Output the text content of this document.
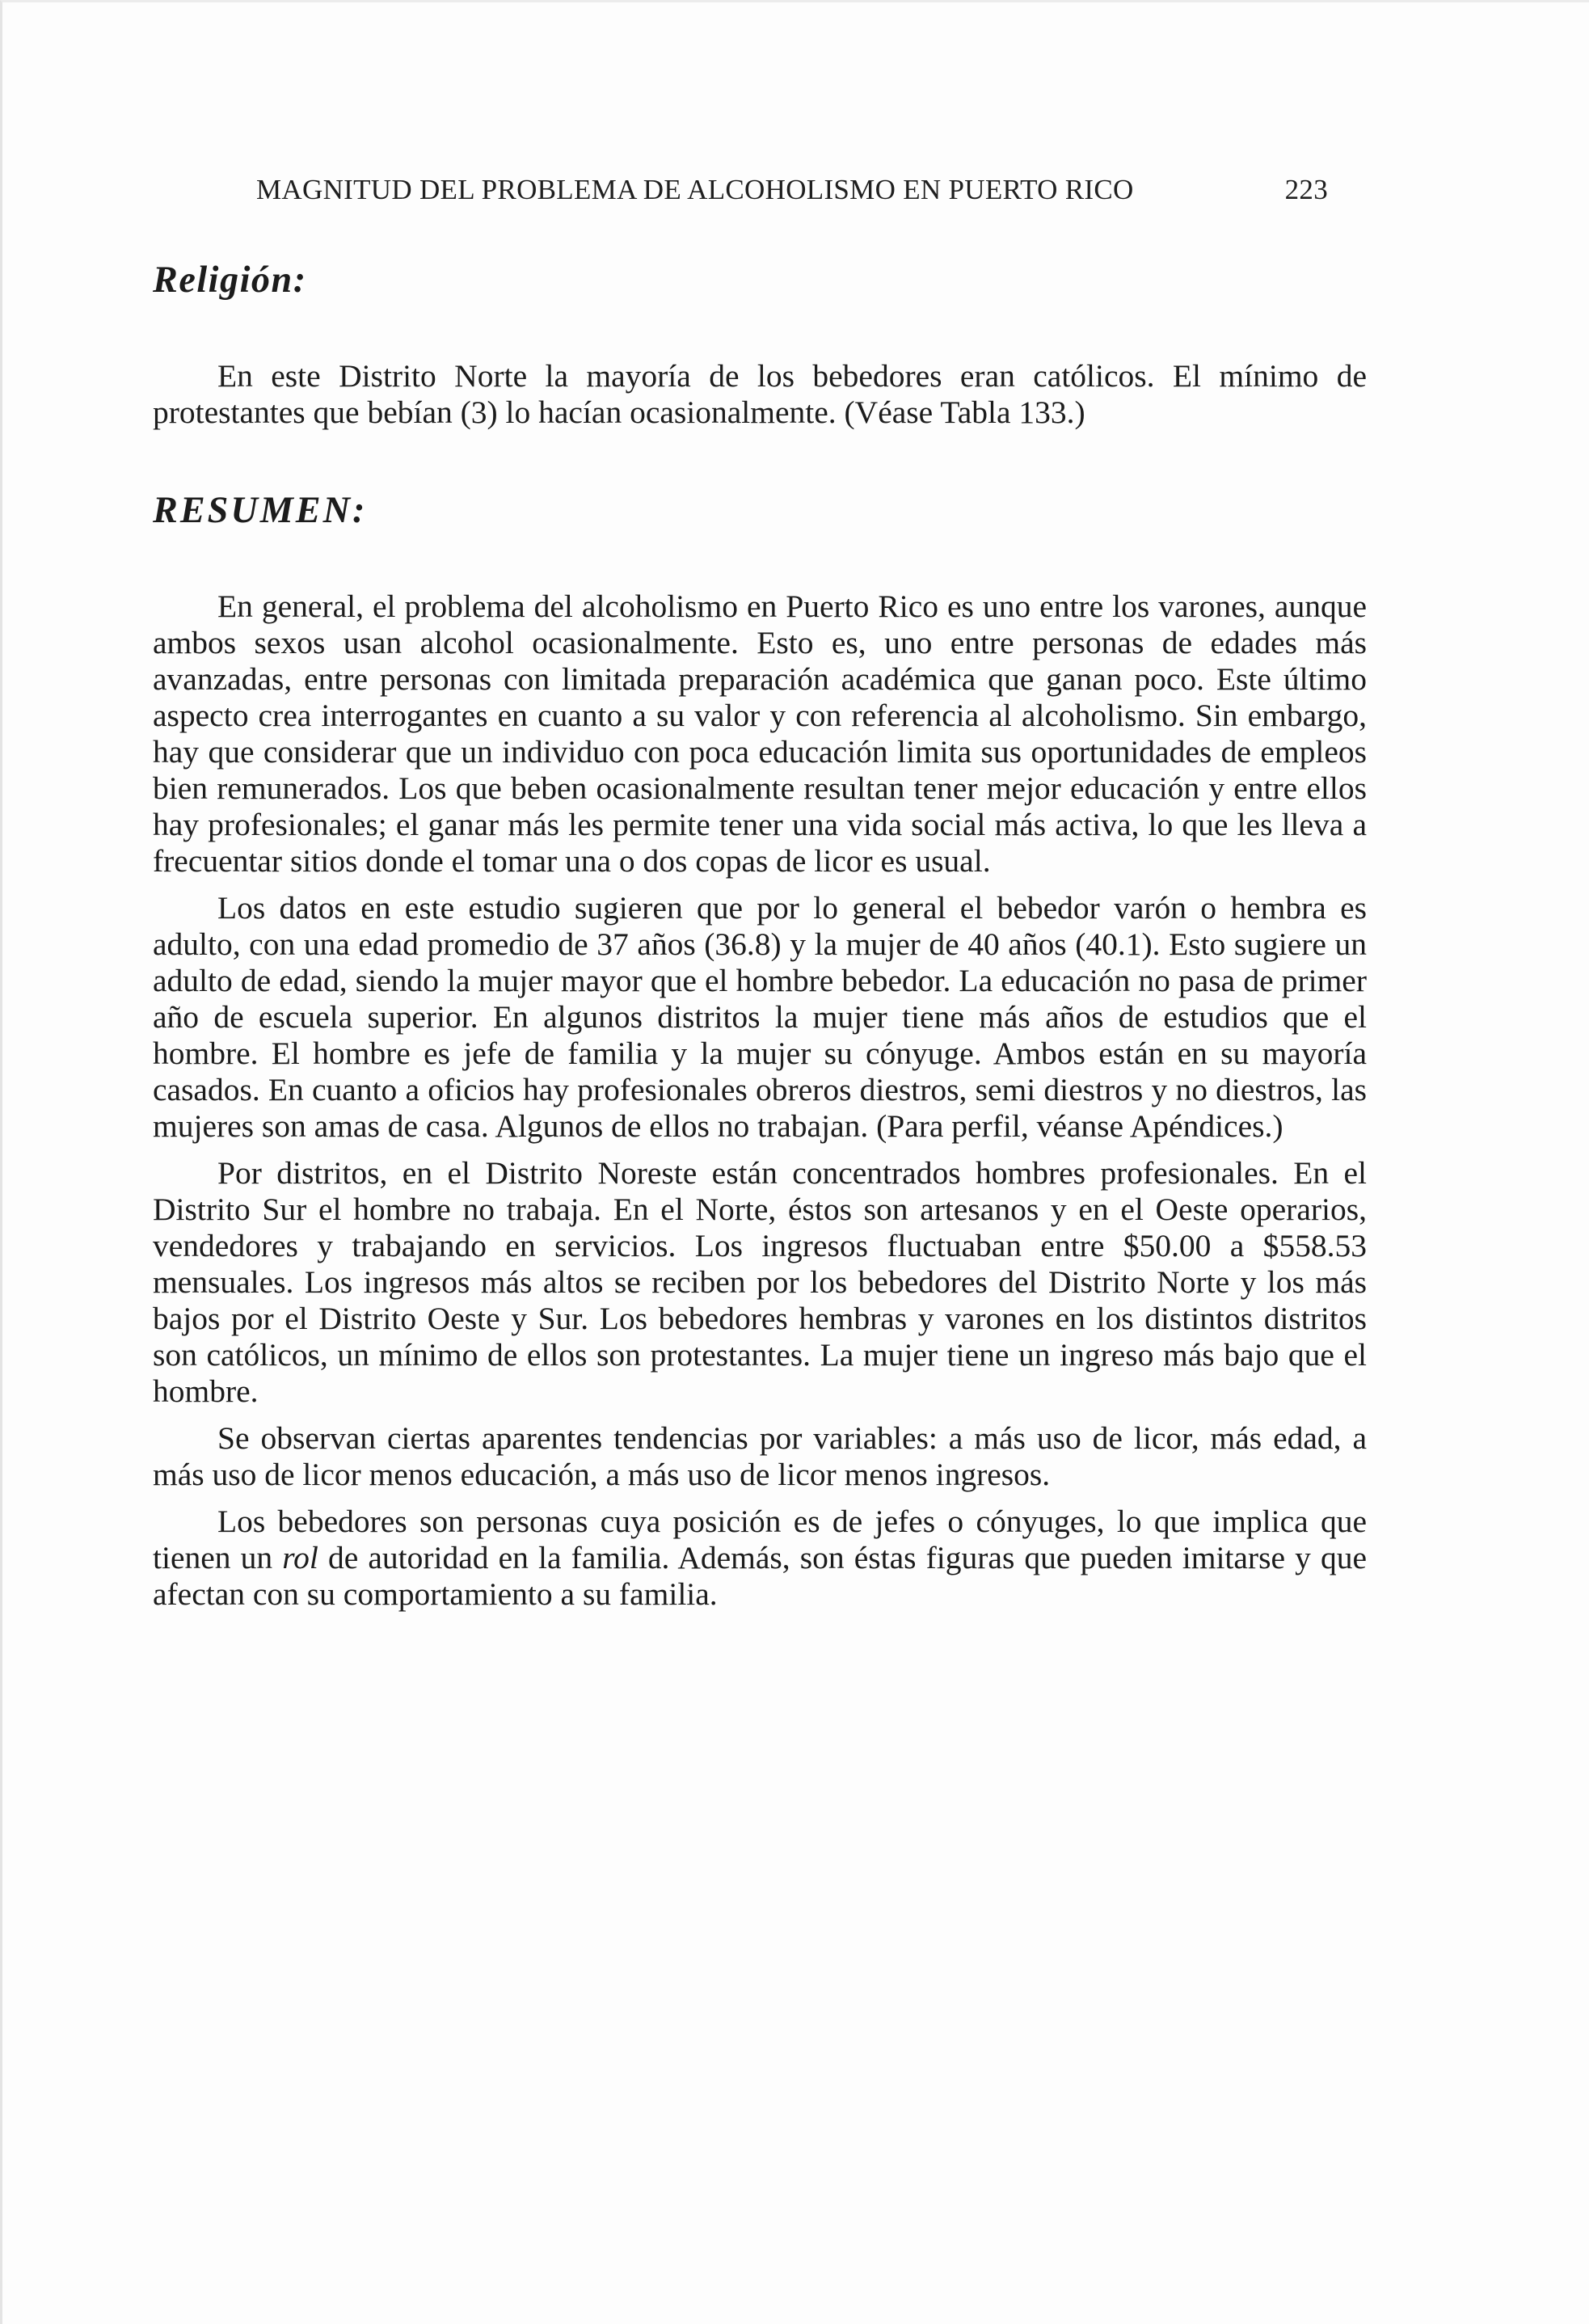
MAGNITUD DEL PROBLEMA DE ALCOHOLISMO EN PUERTO RICO	223
Religión:

En este Distrito Norte la mayoría de los bebedores eran católicos. El mínimo de protestantes que bebían (3) lo hacían ocasionalmente. (Véase Tabla 133.)

RESUMEN:

En general, el problema del alcoholismo en Puerto Rico es uno entre los varones, aunque ambos sexos usan alcohol ocasionalmente. Esto es, uno entre personas de edades más avanzadas, entre personas con limitada preparación académica que ganan poco. Este último aspecto crea interrogantes en cuanto a su valor y con referencia al alcoholismo. Sin embargo, hay que considerar que un individuo con poca educación limita sus oportunidades de empleos bien remunerados. Los que beben ocasionalmente resultan tener mejor educación y entre ellos hay profesionales; el ganar más les permite tener una vida social más activa, lo que les lleva a frecuentar sitios donde el tomar una o dos copas de licor es usual.

Los datos en este estudio sugieren que por lo general el bebedor varón o hembra es adulto, con una edad promedio de 37 años (36.8) y la mujer de 40 años (40.1). Esto sugiere un adulto de edad, siendo la mujer mayor que el hombre bebedor. La educación no pasa de primer año de escuela superior. En algunos distritos la mujer tiene más años de estudios que el hombre. El hombre es jefe de familia y la mujer su cónyuge. Ambos están en su mayoría casados. En cuanto a oficios hay profesionales obreros diestros, semi diestros y no diestros, las mujeres son amas de casa. Algunos de ellos no trabajan. (Para perfil, véanse Apéndices.)

Por distritos, en el Distrito Noreste están concentrados hombres profesionales. En el Distrito Sur el hombre no trabaja. En el Norte, éstos son artesanos y en el Oeste operarios, vendedores y trabajando en servicios. Los ingresos fluctuaban entre $50.00 a $558.53 mensuales. Los ingresos más altos se reciben por los bebedores del Distrito Norte y los más bajos por el Distrito Oeste y Sur. Los bebedores hembras y varones en los distintos distritos son católicos, un mínimo de ellos son protestantes. La mujer tiene un ingreso más bajo que el hombre.

Se observan ciertas aparentes tendencias por variables: a más uso de licor, más edad, a más uso de licor menos educación, a más uso de licor menos ingresos.

Los bebedores son personas cuya posición es de jefes o cónyuges, lo que implica que tienen un rol de autoridad en la familia. Además, son éstas figuras que pueden imitarse y que afectan con su comportamiento a su familia.
